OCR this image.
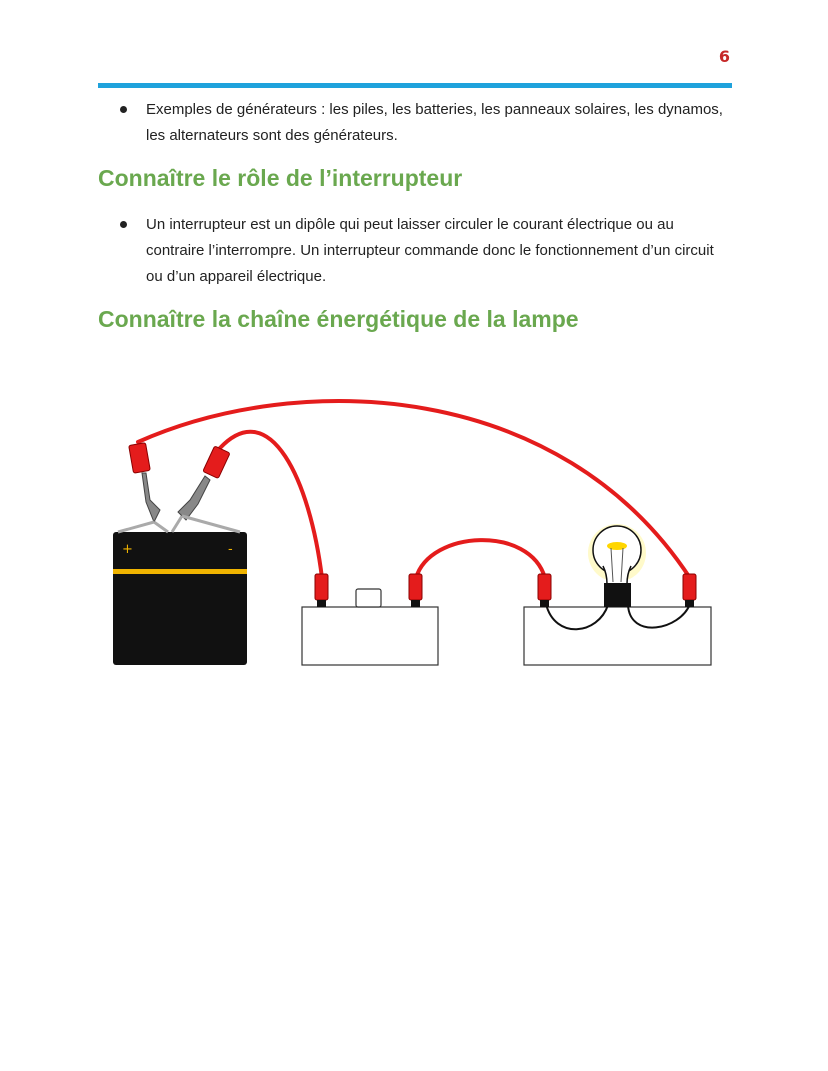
6
Exemples de générateurs : les piles, les batteries, les panneaux solaires, les dynamos, les alternateurs sont des générateurs.
Connaître le rôle de l’interrupteur
Un interrupteur est un dipôle qui peut laisser circuler le courant électrique ou au contraire l’interrompre. Un interrupteur commande donc le fonctionnement d’un circuit ou d’un appareil électrique.
Connaître la chaîne énergétique de la lampe
+	-
